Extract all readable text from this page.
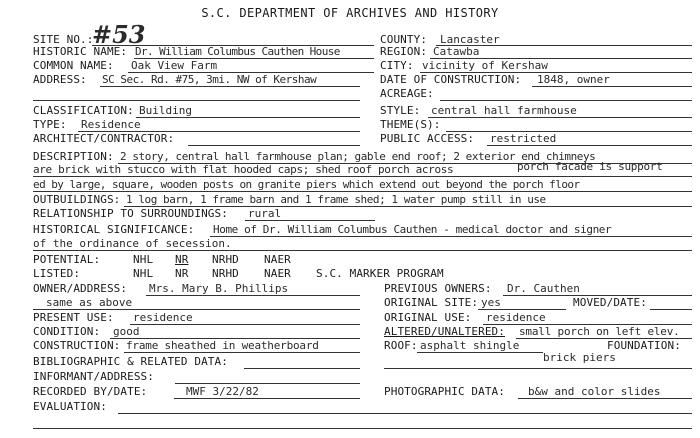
S.C. DEPARTMENT OF ARCHIVES AND HISTORY
SITE NO.:	COUNTY: Lancaster
#53
HISTORIC NAME: Dr. William Columbus Cauthen House	REGION: Catawba
COMMON NAME: Oak View Farm	CITY: vicinity of Kershaw
ADDRESS: SC Sec. Rd. #75, 3mi. NW of Kershaw	DATE OF CONSTRUCTION: 1848, owner
ACREAGE:
CLASSIFICATION: Building	STYLE: central hall farmhouse
TYPE: Residence	THEME(S):
ARCHITECT/CONTRACTOR:	PUBLIC ACCESS: restricted
DESCRIPTION: 2 story, central hall farmhouse plan; gable end roof; 2 exterior end chimneys
are brick with stucco with flat hooded caps; shed roof porch across	porch facade is support
ed by large, square, wooden posts on granite piers which extend out beyond the porch floor
OUTBUILDINGS: 1 log barn, 1 frame barn and 1 frame shed; 1 water pump still in use
RELATIONSHIP TO SURROUNDINGS: rural
HISTORICAL SIGNIFICANCE: Home of Dr. William Columbus Cauthen - medical doctor and signer
of the ordinance of secession.
POTENTIAL:	NHL NR NRHD NAER
LISTED:	NHL NR NRHD NAER S.C. MARKER PROGRAM
OWNER/ADDRESS: Mrs. Mary B. Phillips	PREVIOUS OWNERS: Dr. Cauthen
same as above	ORIGINAL SITE: yes	MOVED/DATE:
PRESENT USE: residence	ORIGINAL USE: residence
CONDITION: good	ALTERED/UNALTERED: small porch on left elev.
CONSTRUCTION: frame sheathed in weatherboard	ROOF: asphalt shingle	FOUNDATION:
brick piers
BIBLIOGRAPHIC & RELATED DATA:
INFORMANT/ADDRESS:
RECORDED BY/DATE:	MWF 3/22/82	PHOTOGRAPHIC DATA: b&w and color slides
EVALUATION:
